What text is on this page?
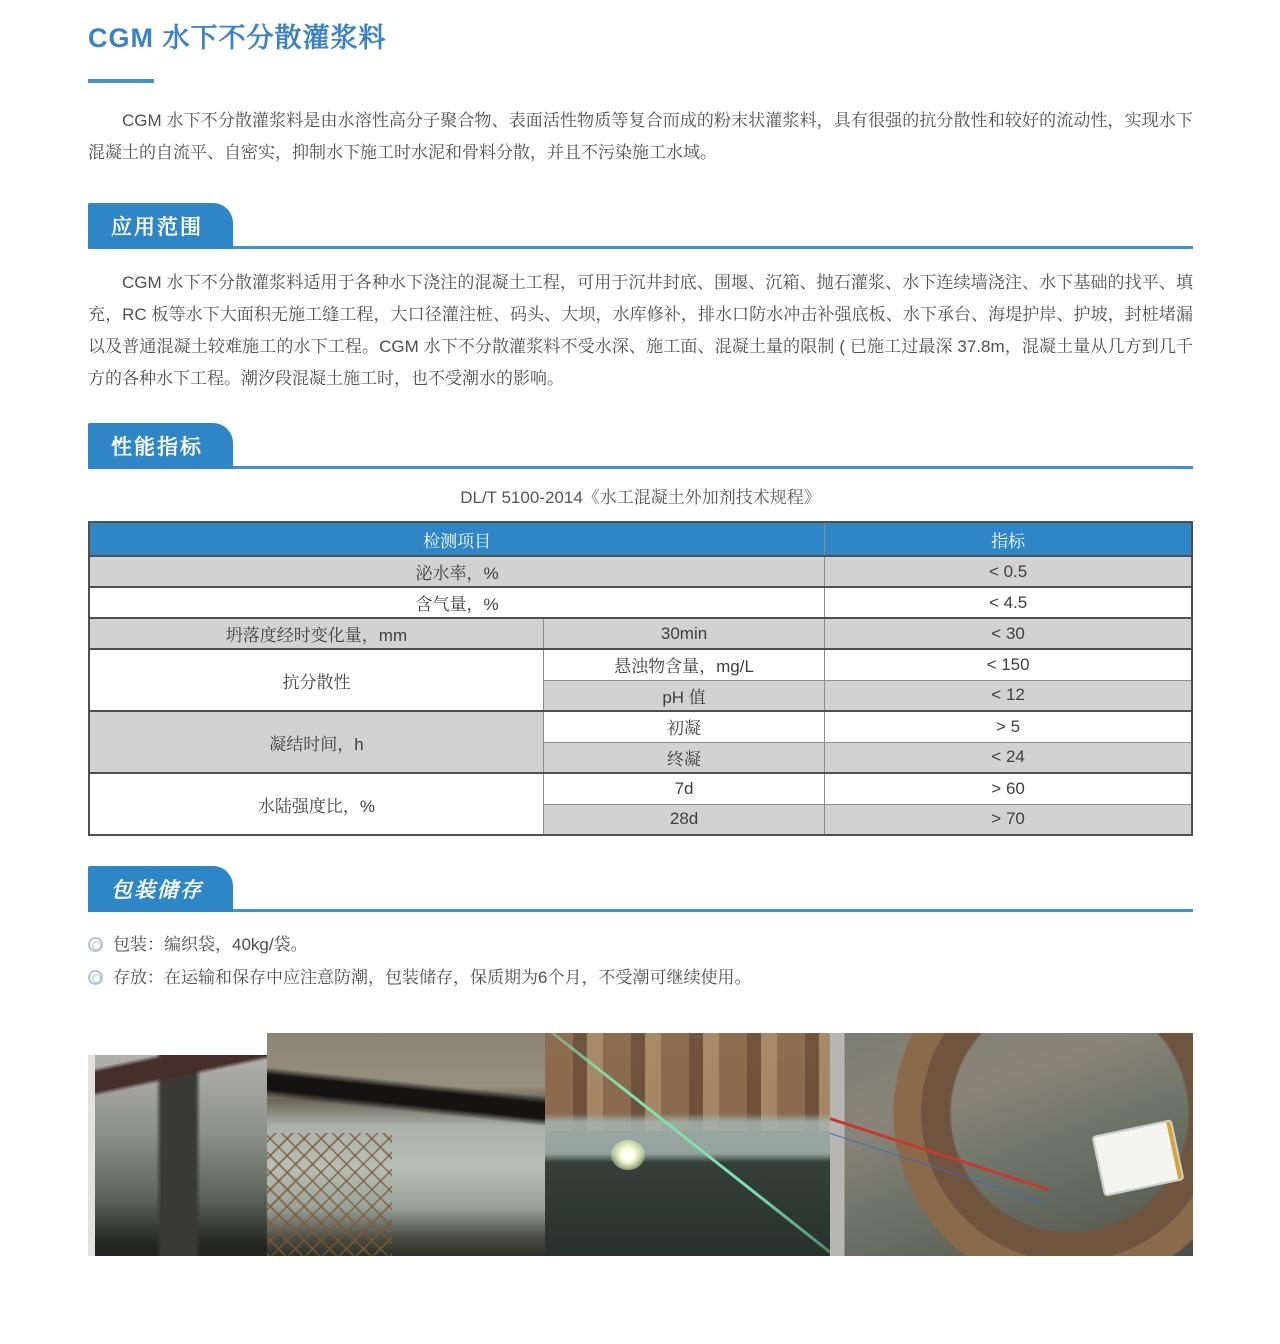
CGM 水下不分散灌浆料

CGM 水下不分散灌浆料是由水溶性高分子聚合物、表面活性物质等复合而成的粉末状灌浆料，具有很强的抗分散性和较好的流动性，实现水下混凝土的自流平、自密实，抑制水下施工时水泥和骨料分散，并且不污染施工水域。

应用范围

CGM 水下不分散灌浆料适用于各种水下浇注的混凝土工程，可用于沉井封底、围堰、沉箱、抛石灌浆、水下连续墙浇注、水下基础的找平、填充，RC 板等水下大面积无施工缝工程，大口径灌注桩、码头、大坝，水库修补，排水口防水冲击补强底板、水下承台、海堤护岸、护坡，封桩堵漏以及普通混凝土较难施工的水下工程。CGM 水下不分散灌浆料不受水深、施工面、混凝土量的限制 ( 已施工过最深 37.8m，混凝土量从几方到几千方的各种水下工程。潮汐段混凝土施工时，也不受潮水的影响。

性能指标
DL/T 5100-2014《水工混凝土外加剂技术规程》
检测项目		指标
泌水率，%		< 0.5
含气量，%		< 4.5
坍落度经时变化量，mm	30min	< 30
抗分散性	悬浊物含量，mg/L	< 150
	pH 值	< 12
凝结时间，h	初凝	> 5
	终凝	< 24
水陆强度比，%	7d	> 60
	28d	> 70
包装储存
包装：编织袋，40kg/袋。
存放：在运输和保存中应注意防潮，包装储存，保质期为6个月，不受潮可继续使用。
